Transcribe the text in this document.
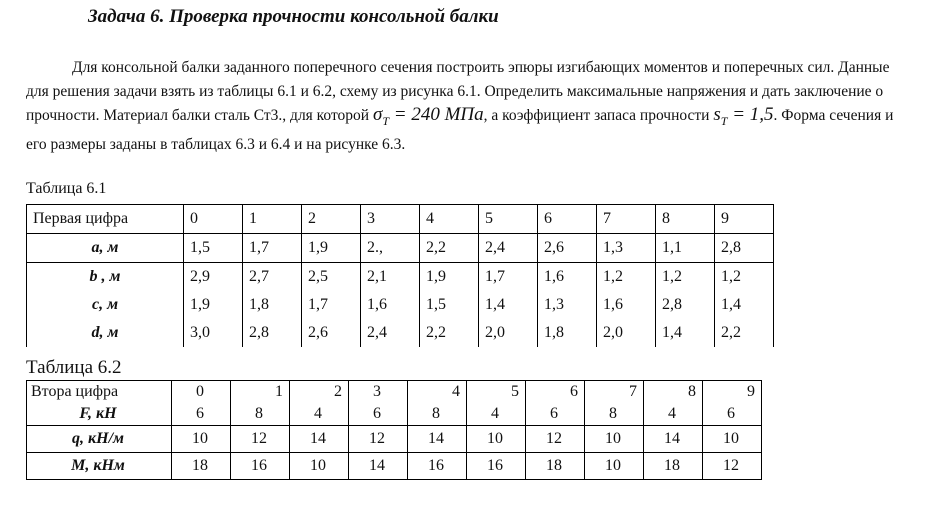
Задача 6. Проверка прочности консольной балки

Для консольной балки заданного поперечного сечения построить эпюры изгибающих моментов и поперечных сил. Данные для решения задачи взять из таблицы 6.1 и 6.2, схему из рисунка 6.1. Определить максимальные напряжения и дать заключение о прочности. Материал балки сталь Ст3., для которой $\sigma_T = 240$ МПа, а коэффициент запаса прочности $s_T = 1,5$. Форма сечения и его размеры заданы в таблицах 6.3 и 6.4 и на рисунке 6.3.

Таблица 6.1
Первая цифра	0	1	2	3	4	5	6	7	8	9
a, м	1,5	1,7	1,9	2.,	2,2	2,4	2,6	1,3	1,1	2,8
b , м	2,9	2,7	2,5	2,1	1,9	1,7	1,6	1,2	1,2	1,2
c, м	1,9	1,8	1,7	1,6	1,5	1,4	1,3	1,6	2,8	1,4
d, м	3,0	2,8	2,6	2,4	2,2	2,0	1,8	2,0	1,4	2,2
Таблица 6.2
Втора цифра	0	1	2	3	4	5	6	7	8	9
F, кН	6	8	4	6	8	4	6	8	4	6
q, кН/м	10	12	14	12	14	10	12	10	14	10
M, кНм	18	16	10	14	16	16	18	10	18	12
